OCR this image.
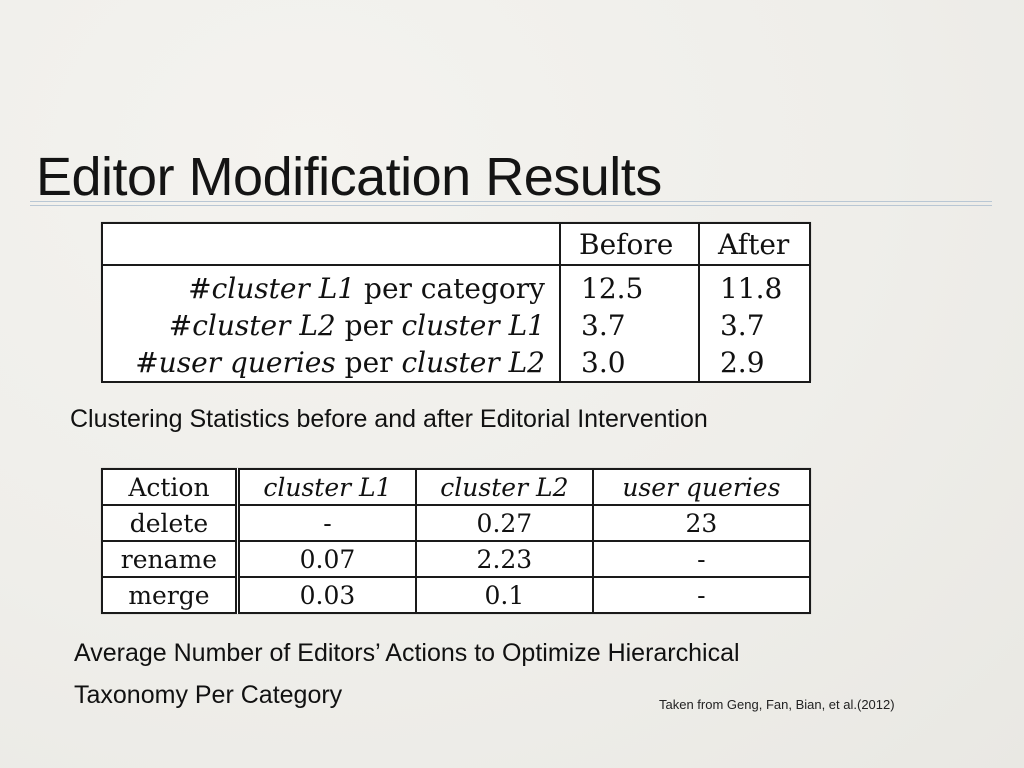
Editor Modification Results
	Before	After
#cluster L1 per category	12.5	11.8
#cluster L2 per cluster L1	3.7	3.7
#user queries per cluster L2	3.0	2.9
Clustering Statistics before and after Editorial Intervention
Action	cluster L1	cluster L2	user queries
delete	-	0.27	23
rename	0.07	2.23	-
merge	0.03	0.1	-
Average Number of Editors’ Actions to Optimize Hierarchical
Taxonomy Per Category	Taken from Geng, Fan, Bian, et al.(2012)
